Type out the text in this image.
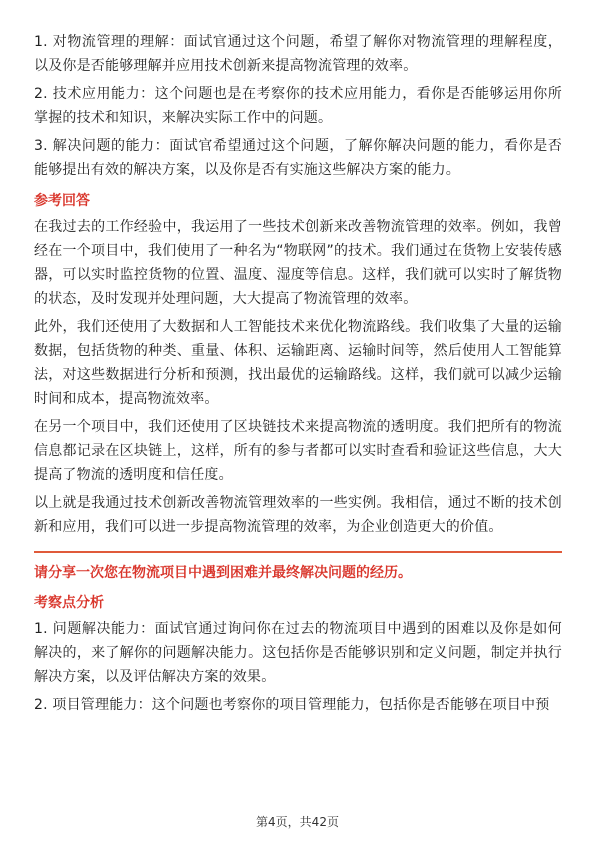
1. 对物流管理的理解：面试官通过这个问题，希望了解你对物流管理的理解程度，以及你是否能够理解并应用技术创新来提高物流管理的效率。

2. 技术应用能力：这个问题也是在考察你的技术应用能力，看你是否能够运用你所掌握的技术和知识，来解决实际工作中的问题。

3. 解决问题的能力：面试官希望通过这个问题，了解你解决问题的能力，看你是否能够提出有效的解决方案，以及你是否有实施这些解决方案的能力。

参考回答

在我过去的工作经验中，我运用了一些技术创新来改善物流管理的效率。例如，我曾经在一个项目中，我们使用了一种名为“物联网”的技术。我们通过在货物上安装传感器，可以实时监控货物的位置、温度、湿度等信息。这样，我们就可以实时了解货物的状态，及时发现并处理问题，大大提高了物流管理的效率。

此外，我们还使用了大数据和人工智能技术来优化物流路线。我们收集了大量的运输数据，包括货物的种类、重量、体积、运输距离、运输时间等，然后使用人工智能算法，对这些数据进行分析和预测，找出最优的运输路线。这样，我们就可以减少运输时间和成本，提高物流效率。

在另一个项目中，我们还使用了区块链技术来提高物流的透明度。我们把所有的物流信息都记录在区块链上，这样，所有的参与者都可以实时查看和验证这些信息，大大提高了物流的透明度和信任度。

以上就是我通过技术创新改善物流管理效率的一些实例。我相信，通过不断的技术创新和应用，我们可以进一步提高物流管理的效率，为企业创造更大的价值。

请分享一次您在物流项目中遇到困难并最终解决问题的经历。
考察点分析

1. 问题解决能力：面试官通过询问你在过去的物流项目中遇到的困难以及你是如何解决的，来了解你的问题解决能力。这包括你是否能够识别和定义问题，制定并执行解决方案，以及评估解决方案的效果。

2. 项目管理能力：这个问题也考察你的项目管理能力，包括你是否能够在项目中预

第4页，共42页
